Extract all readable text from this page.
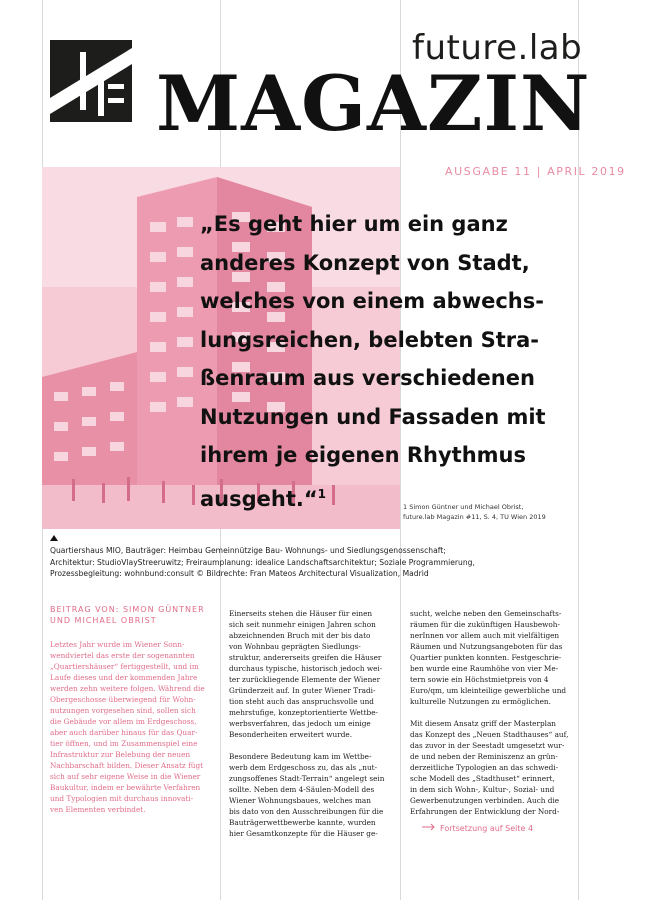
future.lab
MAGAZIN
AUSGABE 11 | APRIL 2019
„Es geht hier um ein ganz
anderes Konzept von Stadt,
welches von einem abwechs-
lungsreichen, belebten Stra-
ßenraum aus verschiedenen
Nutzungen und Fassaden mit
ihrem je eigenen Rhythmus
ausgeht.“$^1$
1 Simon Güntner und Michael Obrist,
future.lab Magazin #11, S. 4, TU Wien 2019
Quartiershaus MIO, Bauträger: Heimbau Gemeinnützige Bau- Wohnungs- und Siedlungsgenossenschaft;
Architektur: StudioVlayStreeruwitz; Freiraumplanung: idealice Landschaftsarchitektur; Soziale Programmierung,
Prozessbegleitung: wohnbund:consult © Bildrechte: Fran Mateos Architectural Visualization, Madrid
BEITRAG VON: SIMON GÜNTNER
UND MICHAEL OBRIST
Letztes Jahr wurde im Wiener Sonn-
wendviertel das erste der sogenannten
„Quartiershäuser“ fertiggestellt, und im
Laufe dieses und der kommenden Jahre
werden zehn weitere folgen. Während die
Obergeschosse überwiegend für Wohn-
nutzungen vorgesehen sind, sollen sich
die Gebäude vor allem im Erdgeschoss,
aber auch darüber hinaus für das Quar-
tier öffnen, und im Zusammenspiel eine
Infrastruktur zur Belebung der neuen
Nachbarschaft bilden. Dieser Ansatz fügt
sich auf sehr eigene Weise in die Wiener
Baukultur, indem er bewährte Verfahren
und Typologien mit durchaus innovati-
ven Elementen verbindet.

Einerseits stehen die Häuser für einen
sich seit nunmehr einigen Jahren schon
abzeichnenden Bruch mit der bis dato
von Wohnbau geprägten Siedlungs-
struktur, andererseits greifen die Häuser
durchaus typische, historisch jedoch wei-
ter zurückliegende Elemente der Wiener
Gründerzeit auf. In guter Wiener Tradi-
tion steht auch das anspruchsvolle und
mehrstufige, konzeptorientierte Wettbe-
werbsverfahren, das jedoch um einige
Besonderheiten erweitert wurde.

Besondere Bedeutung kam im Wettbe-
werb dem Erdgeschoss zu, das als „nut-
zungsoffenes Stadt-Terrain“ angelegt sein
sollte. Neben dem 4-Säulen-Modell des
Wiener Wohnungsbaues, welches man
bis dato von den Ausschreibungen für die
Bauträgerwettbewerbe kannte, wurden
hier Gesamtkonzepte für die Häuser ge-

sucht, welche neben den Gemeinschafts-
räumen für die zukünftigen Hausbewoh-
nerInnen vor allem auch mit vielfältigen
Räumen und Nutzungsangeboten für das
Quartier punkten konnten. Festgeschrie-
ben wurde eine Raumhöhe von vier Me-
tern sowie ein Höchstmietpreis von 4
Euro/qm, um kleinteilige gewerbliche und
kulturelle Nutzungen zu ermöglichen.

Mit diesem Ansatz griff der Masterplan
das Konzept des „Neuen Stadthauses“ auf,
das zuvor in der Seestadt umgesetzt wur-
de und neben der Reminiszenz an grün-
derzeitliche Typologien an das schwedi-
sche Modell des „Stadthuset“ erinnert,
in dem sich Wohn-, Kultur-, Sozial- und
Gewerbenutzungen verbinden. Auch die
Erfahrungen der Entwicklung der Nord-

Fortsetzung auf Seite 4
